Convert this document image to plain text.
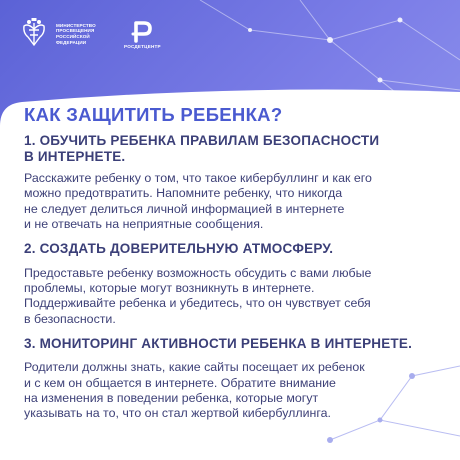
МИНИСТЕРСТВО
ПРОСВЕЩЕНИЯ
РОССИЙСКОЙ
ФЕДЕРАЦИИ
РОСДЕТЦЕНТР
КАК ЗАЩИТИТЬ РЕБЕНКА?
1. ОБУЧИТЬ РЕБЕНКА ПРАВИЛАМ БЕЗОПАСНОСТИ
В ИНТЕРНЕТЕ.
Расскажите ребенку о том, что такое кибербуллинг и как его
можно предотвратить. Напомните ребенку, что никогда
не следует делиться личной информацией в интернете
и не отвечать на неприятные сообщения.
2. СОЗДАТЬ ДОВЕРИТЕЛЬНУЮ АТМОСФЕРУ.
Предоставьте ребенку возможность обсудить с вами любые
проблемы, которые могут возникнуть в интернете.
Поддерживайте ребенка и убедитесь, что он чувствует себя
в безопасности.
3. МОНИТОРИНГ АКТИВНОСТИ РЕБЕНКА В ИНТЕРНЕТЕ.
Родители должны знать, какие сайты посещает их ребенок
и с кем он общается в интернете. Обратите внимание
на изменения в поведении ребенка, которые могут
указывать на то, что он стал жертвой кибербуллинга.
